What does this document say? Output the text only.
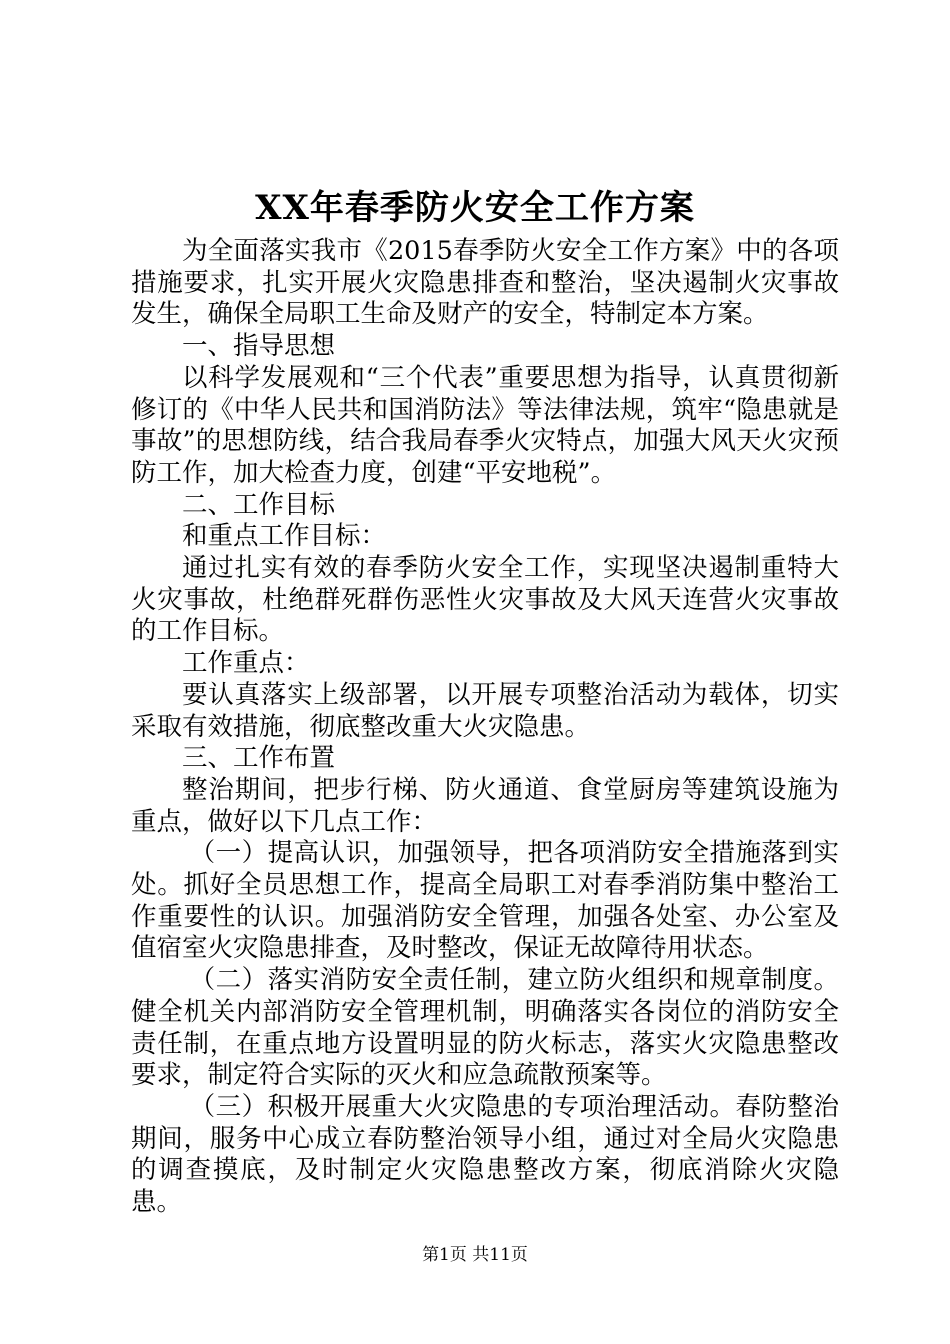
XX年春季防火安全工作方案

为全面落实我市《2015春季防火安全工作方案》中的各项措施要求，扎实开展火灾隐患排查和整治，坚决遏制火灾事故发生，确保全局职工生命及财产的安全，特制定本方案。

一、指导思想

以科学发展观和“三个代表”重要思想为指导，认真贯彻新修订的《中华人民共和国消防法》等法律法规，筑牢“隐患就是事故”的思想防线，结合我局春季火灾特点，加强大风天火灾预防工作，加大检查力度，创建“平安地税”。

二、工作目标

和重点工作目标：

通过扎实有效的春季防火安全工作，实现坚决遏制重特大火灾事故，杜绝群死群伤恶性火灾事故及大风天连营火灾事故的工作目标。

工作重点：

要认真落实上级部署，以开展专项整治活动为载体，切实采取有效措施，彻底整改重大火灾隐患。

三、工作布置

整治期间，把步行梯、防火通道、食堂厨房等建筑设施为重点，做好以下几点工作：

（一）提高认识，加强领导，把各项消防安全措施落到实处。抓好全员思想工作，提高全局职工对春季消防集中整治工作重要性的认识。加强消防安全管理，加强各处室、办公室及值宿室火灾隐患排查，及时整改，保证无故障待用状态。

（二）落实消防安全责任制，建立防火组织和规章制度。健全机关内部消防安全管理机制，明确落实各岗位的消防安全责任制，在重点地方设置明显的防火标志，落实火灾隐患整改要求，制定符合实际的灭火和应急疏散预案等。

（三）积极开展重大火灾隐患的专项治理活动。春防整治期间，服务中心成立春防整治领导小组，通过对全局火灾隐患的调查摸底，及时制定火灾隐患整改方案，彻底消除火灾隐患。

第1页 共11页
